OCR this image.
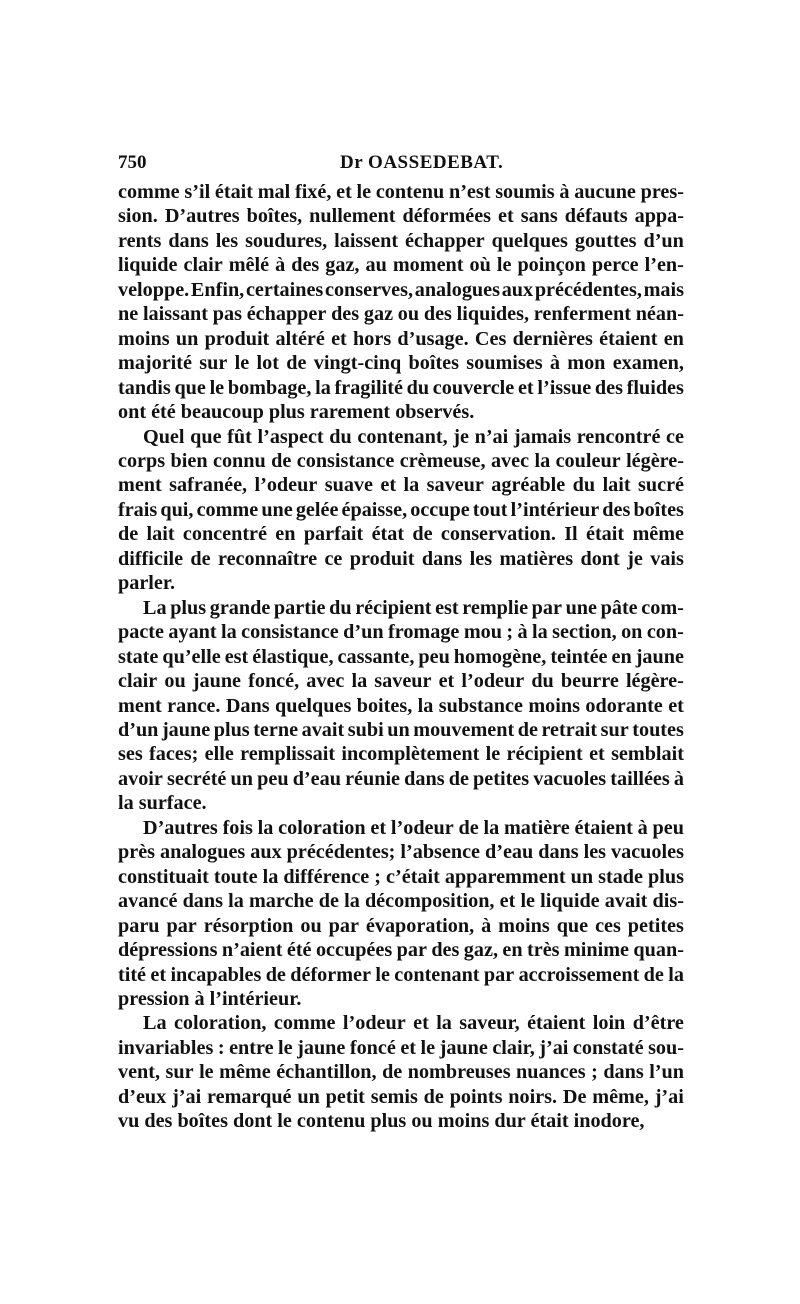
750	Dr OASSEDEBAT.
comme s’il était mal fixé, et le contenu n’est soumis à aucune pres-
sion. D’autres boîtes, nullement déformées et sans défauts appa-
rents dans les soudures, laissent échapper quelques gouttes d’un
liquide clair mêlé à des gaz, au moment où le poinçon perce l’en-
veloppe. Enfin, certaines conserves, analogues aux précédentes, mais
ne laissant pas échapper des gaz ou des liquides, renferment néan-
moins un produit altéré et hors d’usage. Ces dernières étaient en
majorité sur le lot de vingt-cinq boîtes soumises à mon examen,
tandis que le bombage, la fragilité du couvercle et l’issue des fluides
ont été beaucoup plus rarement observés.
Quel que fût l’aspect du contenant, je n’ai jamais rencontré ce
corps bien connu de consistance crèmeuse, avec la couleur légère-
ment safranée, l’odeur suave et la saveur agréable du lait sucré
frais qui, comme une gelée épaisse, occupe tout l’intérieur des boîtes
de lait concentré en parfait état de conservation. Il était même
difficile de reconnaître ce produit dans les matières dont je vais
parler.
La plus grande partie du récipient est remplie par une pâte com-
pacte ayant la consistance d’un fromage mou ; à la section, on con-
state qu’elle est élastique, cassante, peu homogène, teintée en jaune
clair ou jaune foncé, avec la saveur et l’odeur du beurre légère-
ment rance. Dans quelques boites, la substance moins odorante et
d’un jaune plus terne avait subi un mouvement de retrait sur toutes
ses faces; elle remplissait incomplètement le récipient et semblait
avoir secrété un peu d’eau réunie dans de petites vacuoles taillées à
la surface.
D’autres fois la coloration et l’odeur de la matière étaient à peu
près analogues aux précédentes; l’absence d’eau dans les vacuoles
constituait toute la différence ; c’était apparemment un stade plus
avancé dans la marche de la décomposition, et le liquide avait dis-
paru par résorption ou par évaporation, à moins que ces petites
dépressions n’aient été occupées par des gaz, en très minime quan-
tité et incapables de déformer le contenant par accroissement de la
pression à l’intérieur.
La coloration, comme l’odeur et la saveur, étaient loin d’être
invariables : entre le jaune foncé et le jaune clair, j’ai constaté sou-
vent, sur le même échantillon, de nombreuses nuances ; dans l’un
d’eux j’ai remarqué un petit semis de points noirs. De même, j’ai
vu des boîtes dont le contenu plus ou moins dur était inodore,
